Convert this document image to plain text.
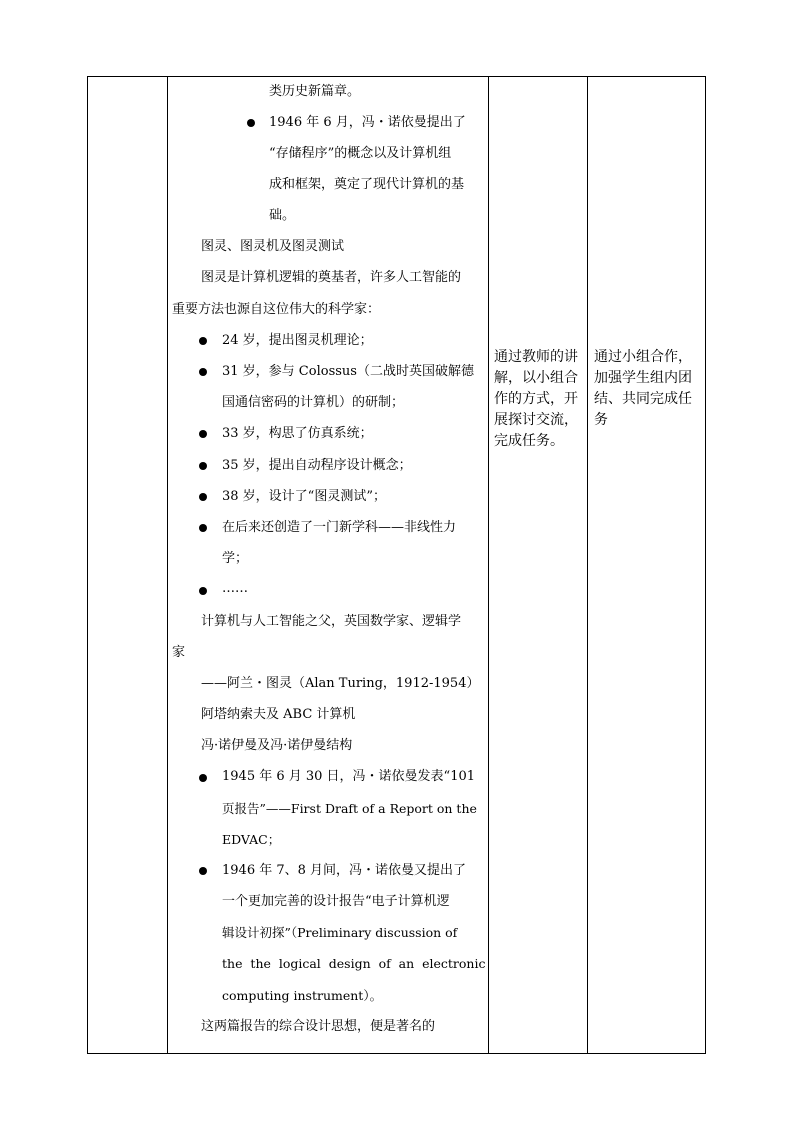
类历史新篇章。
1946 年 6 月，冯・诺依曼提出了
“存储程序”的概念以及计算机组
成和框架，奠定了现代计算机的基
础。
图灵、图灵机及图灵测试
图灵是计算机逻辑的奠基者，许多人工智能的
重要方法也源自这位伟大的科学家：
24 岁，提出图灵机理论；
31 岁，参与 Colossus（二战时英国破解德
国通信密码的计算机）的研制；
33 岁，构思了仿真系统；
35 岁，提出自动程序设计概念；
38 岁，设计了“图灵测试”；
在后来还创造了一门新学科——非线性力
学；
……
计算机与人工智能之父，英国数学家、逻辑学
家
——阿兰・图灵（Alan Turing，1912-1954）
阿塔纳索夫及 ABC 计算机
冯·诺伊曼及冯·诺伊曼结构
1945 年 6 月 30 日，冯・诺依曼发表“101
页报告”——First Draft of a Report on the
EDVAC；
1946 年 7、8 月间，冯・诺依曼又提出了
一个更加完善的设计报告“电子计算机逻
辑设计初探”（Preliminary discussion of
the  the  logical  design  of  an  electronic
computing instrument）。
这两篇报告的综合设计思想，便是著名的
通过教师的讲
解，以小组合
作的方式，开
展探讨交流，
完成任务。
通过小组合作，
加强学生组内团
结、共同完成任
务
